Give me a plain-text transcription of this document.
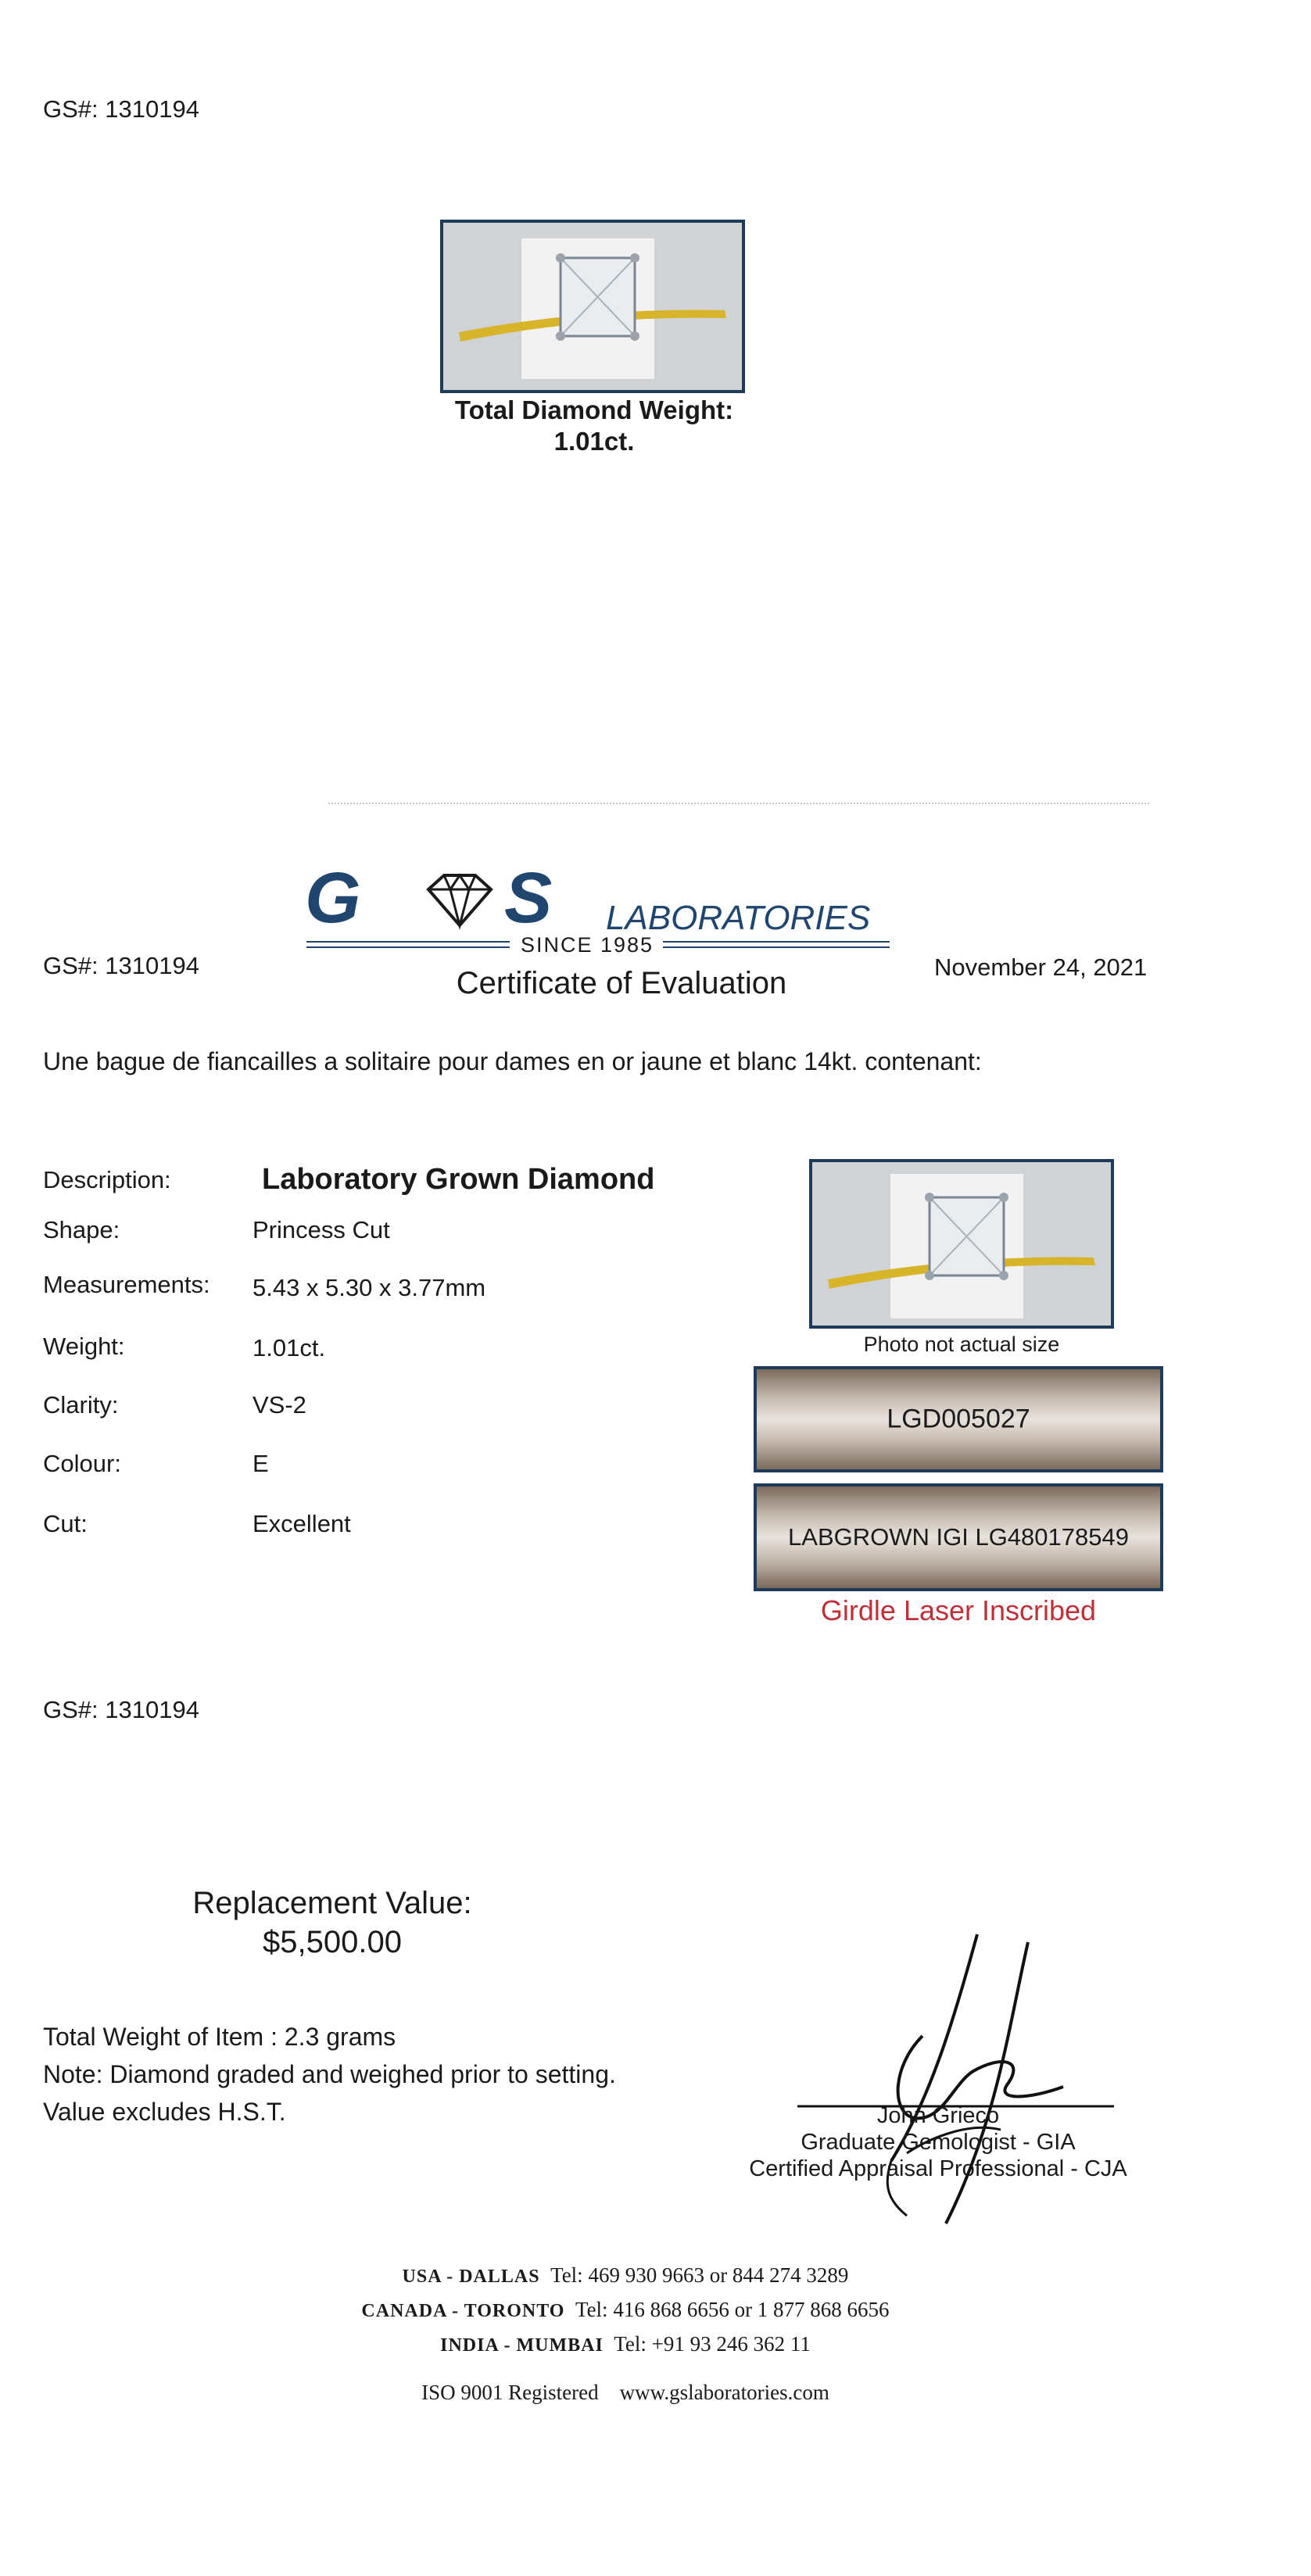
GS#: 1310194
Total Diamond Weight:
1.01ct.
G S LABORATORIES
SINCE 1985
GS#: 1310194
Certificate of Evaluation	November 24, 2021
Une bague de fiancailles a solitaire pour dames en or jaune et blanc 14kt. contenant:
Description:	Laboratory Grown Diamond
Shape:	Princess Cut
Measurements: 5.43 x 5.30 x 3.77mm
Weight:	1.01ct.
Clarity:	VS-2
Colour:	E
Cut:	Excellent
Photo not actual size
LGD005027
LABGROWN IGI LG480178549
Girdle Laser Inscribed
GS#: 1310194
Replacement Value:
$5,500.00
Total Weight of Item : 2.3 grams
Note: Diamond graded and weighed prior to setting.
Value excludes H.S.T.	John Grieco
Graduate Gemologist - GIA
Certified Appraisal Professional - CJA
USA - DALLAS Tel: 469 930 9663 or 844 274 3289
CANADA - TORONTO Tel: 416 868 6656 or 1 877 868 6656
INDIA - MUMBAI Tel: +91 93 246 362 11
ISO 9001 Registered www.gslaboratories.com
